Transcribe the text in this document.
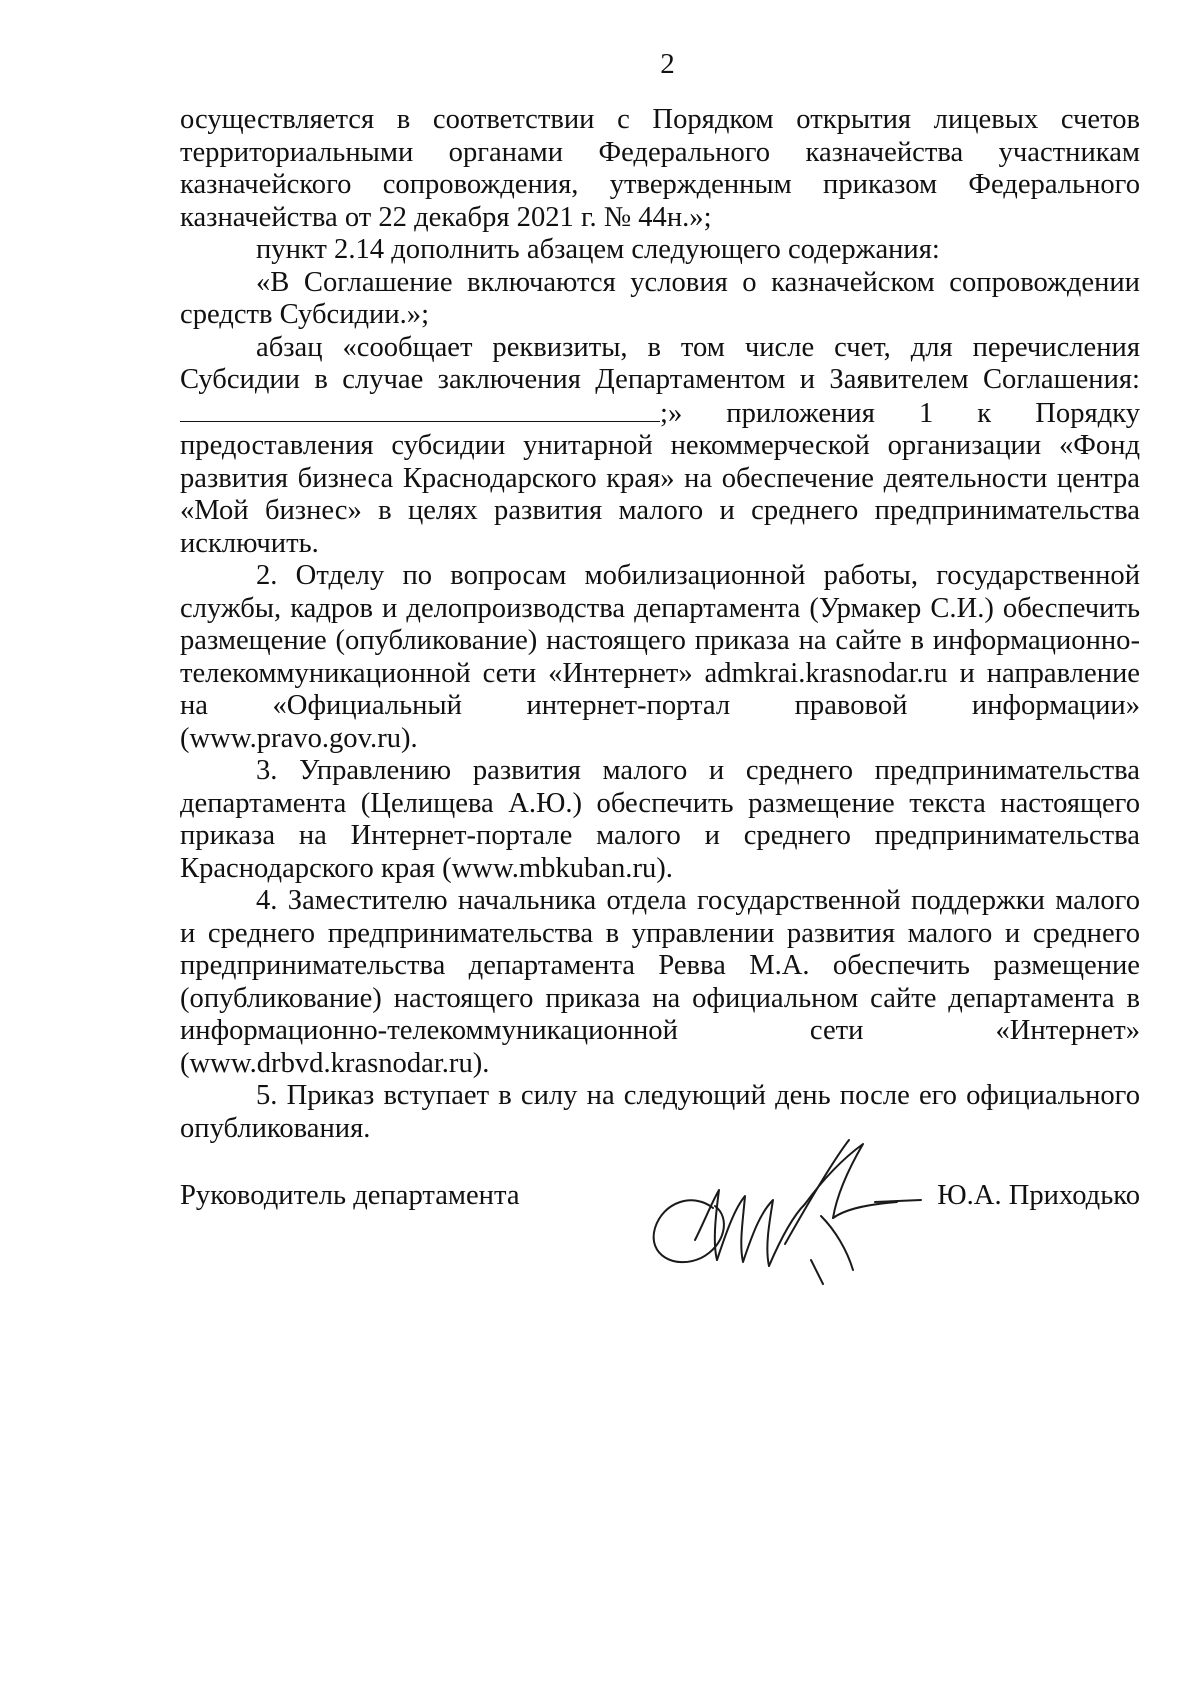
2

осуществляется в соответствии с Порядком открытия лицевых счетов территориальными органами Федерального казначейства участникам казначейского сопровождения, утвержденным приказом Федерального казначейства от 22 декабря 2021 г. № 44н.»;

пункт 2.14 дополнить абзацем следующего содержания:

«В Соглашение включаются условия о казначейском сопровождении средств Субсидии.»;

абзац «сообщает реквизиты, в том числе счет, для перечисления Субсидии в случае заключения Департаментом и Заявителем Соглашения: ;» приложения 1 к Порядку предоставления субсидии унитарной некоммерческой организации «Фонд развития бизнеса Краснодарского края» на обеспечение деятельности центра «Мой бизнес» в целях развития малого и среднего предпринимательства исключить.

2. Отделу по вопросам мобилизационной работы, государственной службы, кадров и делопроизводства департамента (Урмакер С.И.) обеспечить размещение (опубликование) настоящего приказа на сайте в информационно-телекоммуникационной сети «Интернет» admkrai.krasnodar.ru и направление на «Официальный интернет-портал правовой информации» (www.pravo.gov.ru).

3. Управлению развития малого и среднего предпринимательства департамента (Целищева А.Ю.) обеспечить размещение текста настоящего приказа на Интернет-портале малого и среднего предпринимательства Краснодарского края (www.mbkuban.ru).

4. Заместителю начальника отдела государственной поддержки малого и среднего предпринимательства в управлении развития малого и среднего предпринимательства департамента Ревва М.А. обеспечить размещение (опубликование) настоящего приказа на официальном сайте департамента в информационно-телекоммуникационной сети «Интернет» (www.drbvd.krasnodar.ru).

5. Приказ вступает в силу на следующий день после его официального опубликования.

Руководитель департамента	Ю.А. Приходько
